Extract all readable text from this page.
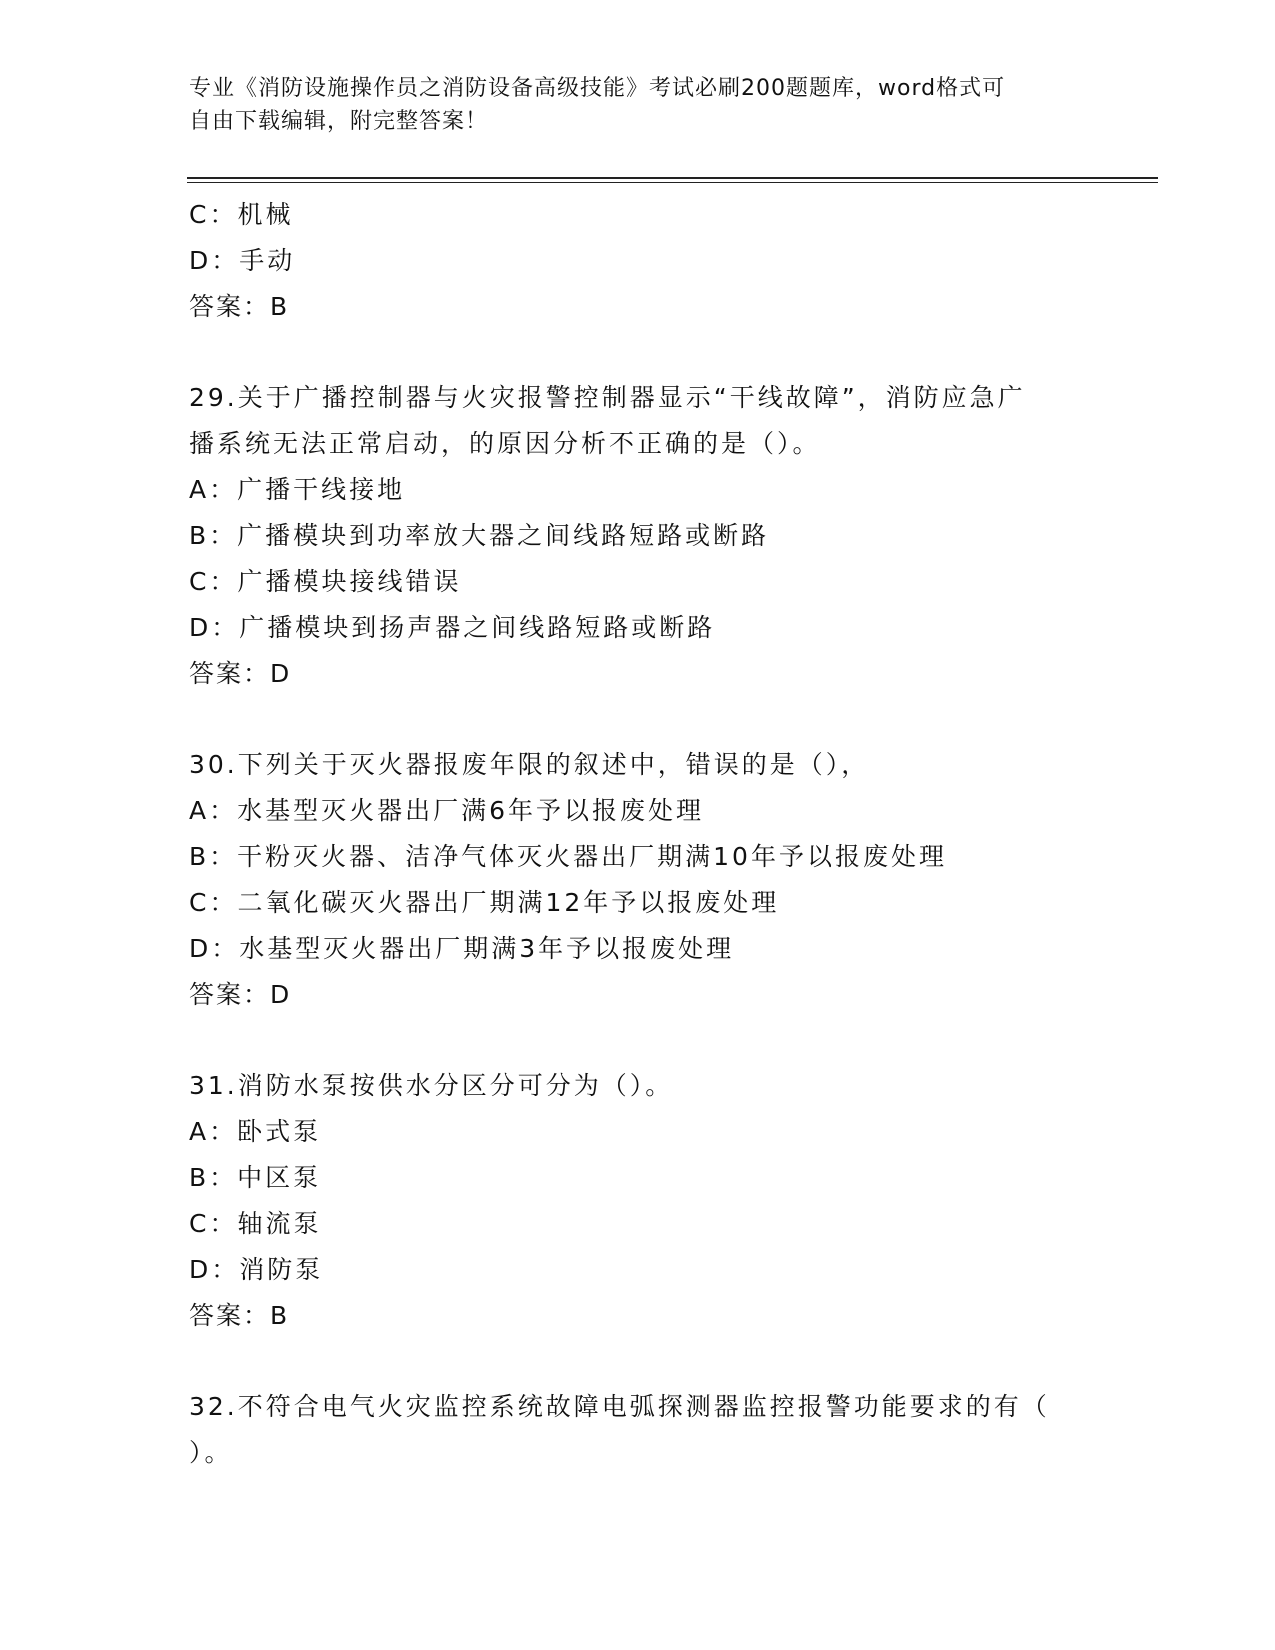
专业《消防设施操作员之消防设备高级技能》考试必刷200题题库，word格式可
自由下载编辑，附完整答案！
C：机械
D：手动
答案：B
29.关于广播控制器与火灾报警控制器显示“干线故障”，消防应急广
播系统无法正常启动，的原因分析不正确的是（）。
A：广播干线接地
B：广播模块到功率放大器之间线路短路或断路
C：广播模块接线错误
D：广播模块到扬声器之间线路短路或断路
答案：D
30.下列关于灭火器报废年限的叙述中，错误的是（），
A：水基型灭火器出厂满6年予以报废处理
B：干粉灭火器、洁净气体灭火器出厂期满10年予以报废处理
C：二氧化碳灭火器出厂期满12年予以报废处理
D：水基型灭火器出厂期满3年予以报废处理
答案：D
31.消防水泵按供水分区分可分为（）。
A：卧式泵
B：中区泵
C：轴流泵
D：消防泵
答案：B
32.不符合电气火灾监控系统故障电弧探测器监控报警功能要求的有（
）。
